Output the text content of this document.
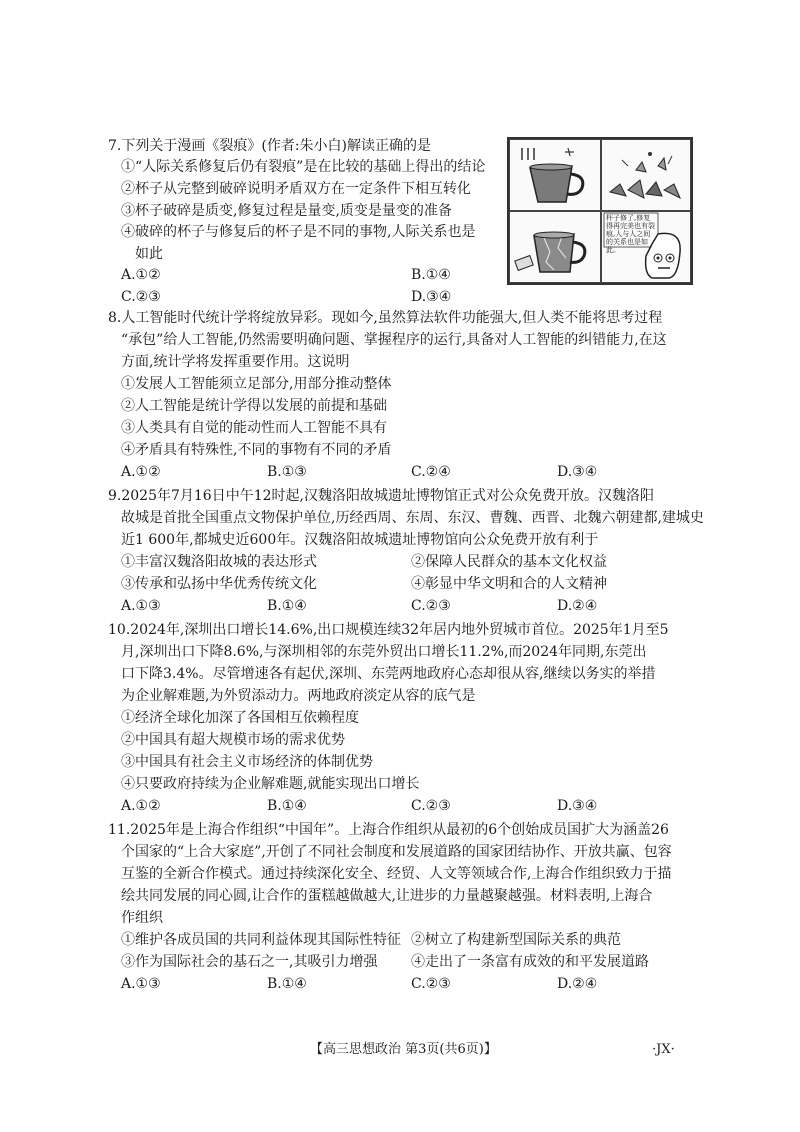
7.下列关于漫画《裂痕》(作者:朱小白)解读正确的是
①“人际关系修复后仍有裂痕”是在比较的基础上得出的结论
②杯子从完整到破碎说明矛盾双方在一定条件下相互转化
③杯子破碎是质变,修复过程是量变,质变是量变的准备
④破碎的杯子与修复后的杯子是不同的事物,人际关系也是
如此
A.①②	B.①④
C.②③	D.③④
杯子修了,修复得再完美也有裂痕,人与人之间的关系也是如此。
8.人工智能时代统计学将绽放异彩。现如今,虽然算法软件功能强大,但人类不能将思考过程
“承包”给人工智能,仍然需要明确问题、掌握程序的运行,具备对人工智能的纠错能力,在这
方面,统计学将发挥重要作用。这说明
①发展人工智能须立足部分,用部分推动整体
②人工智能是统计学得以发展的前提和基础
③人类具有自觉的能动性而人工智能不具有
④矛盾具有特殊性,不同的事物有不同的矛盾
A.①②	B.①③	C.②④	D.③④
9.2025年7月16日中午12时起,汉魏洛阳故城遗址博物馆正式对公众免费开放。汉魏洛阳
故城是首批全国重点文物保护单位,历经西周、东周、东汉、曹魏、西晋、北魏六朝建都,建城史
近1 600年,都城史近600年。汉魏洛阳故城遗址博物馆向公众免费开放有利于
①丰富汉魏洛阳故城的表达形式	②保障人民群众的基本文化权益
③传承和弘扬中华优秀传统文化	④彰显中华文明和合的人文精神
A.①③	B.①④	C.②③	D.②④
10.2024年,深圳出口增长14.6%,出口规模连续32年居内地外贸城市首位。2025年1月至5
月,深圳出口下降8.6%,与深圳相邻的东莞外贸出口增长11.2%,而2024年同期,东莞出
口下降3.4%。尽管增速各有起伏,深圳、东莞两地政府心态却很从容,继续以务实的举措
为企业解难题,为外贸添动力。两地政府淡定从容的底气是
①经济全球化加深了各国相互依赖程度
②中国具有超大规模市场的需求优势
③中国具有社会主义市场经济的体制优势
④只要政府持续为企业解难题,就能实现出口增长
A.①②	B.①④	C.②③	D.③④
11.2025年是上海合作组织“中国年”。上海合作组织从最初的6个创始成员国扩大为涵盖26
个国家的“上合大家庭”,开创了不同社会制度和发展道路的国家团结协作、开放共赢、包容
互鉴的全新合作模式。通过持续深化安全、经贸、人文等领域合作,上海合作组织致力于描
绘共同发展的同心圆,让合作的蛋糕越做越大,让进步的力量越聚越强。材料表明,上海合
作组织
①维护各成员国的共同利益体现其国际性特征 ②树立了构建新型国际关系的典范
③作为国际社会的基石之一,其吸引力增强 ④走出了一条富有成效的和平发展道路
A.①③	B.①④	C.②③	D.②④
【高三思想政治 第3页(共6页)】	·JX·
